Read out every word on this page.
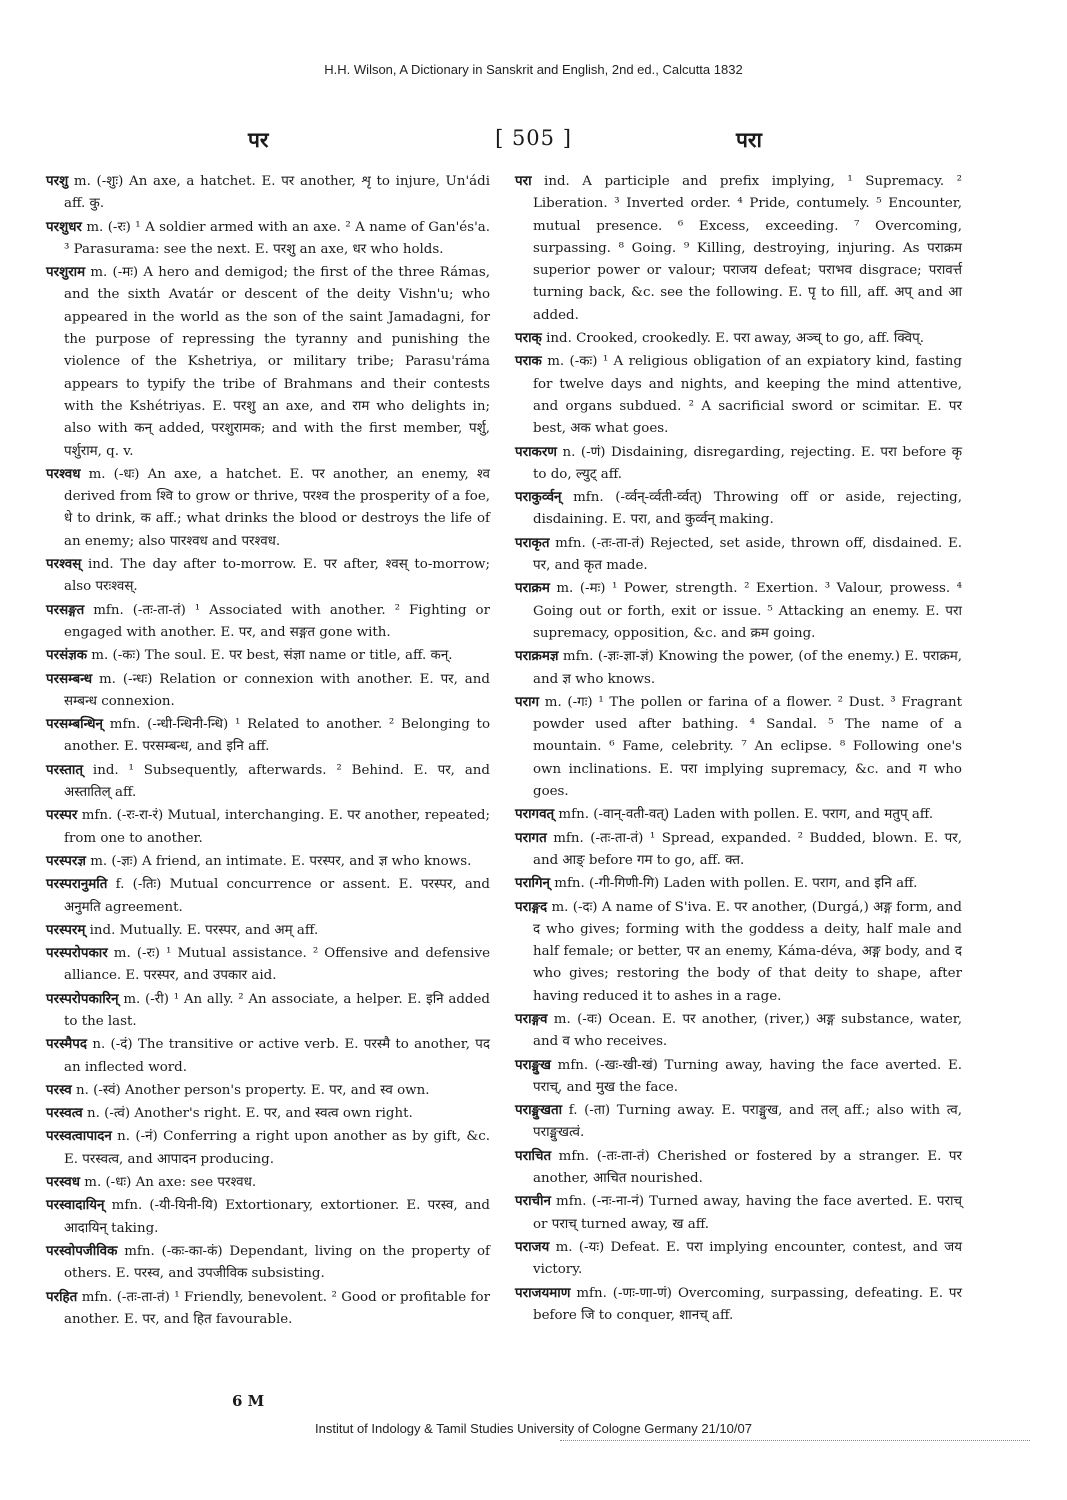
H.H. Wilson, A Dictionary in Sanskrit and English, 2nd ed., Calcutta 1832
पर	[ 505 ]	परा

परशु m. (-शुः) An axe, a hatchet. E. पर another, शृ to injure, Un'ádi aff. कु.

परशुधर m. (-रः) ¹ A soldier armed with an axe. ² A name of Gan'és'a. ³ Parasurama: see the next. E. परशु an axe, धर who holds.

परशुराम m. (-मः) A hero and demigod; the first of the three Rámas, and the sixth Avatár or descent of the deity Vishn'u; who appeared in the world as the son of the saint Jamadagni, for the purpose of repressing the tyranny and punishing the violence of the Kshetriya, or military tribe; Parasu'ráma appears to typify the tribe of Brahmans and their contests with the Kshétriyas. E. परशु an axe, and राम who delights in; also with कन् added, परशुरामक; and with the first member, पर्शु, पर्शुराम, q. v.

परश्वध m. (-धः) An axe, a hatchet. E. पर another, an enemy, श्व derived from श्वि to grow or thrive, परश्व the prosperity of a foe, धे to drink, क aff.; what drinks the blood or destroys the life of an enemy; also पारश्वध and परश्वध.

परश्वस् ind. The day after to-morrow. E. पर after, श्वस् to-morrow; also परःश्वस्.

परसङ्गत mfn. (-तः-ता-तं) ¹ Associated with another. ² Fighting or engaged with another. E. पर, and सङ्गत gone with.

परसंज्ञक m. (-कः) The soul. E. पर best, संज्ञा name or title, aff. कन्.

परसम्बन्ध m. (-न्धः) Relation or connexion with another. E. पर, and सम्बन्ध connexion.

परसम्बन्धिन् mfn. (-न्धी-न्धिनी-न्धि) ¹ Related to another. ² Belonging to another. E. परसम्बन्ध, and इनि aff.

परस्तात् ind. ¹ Subsequently, afterwards. ² Behind. E. पर, and अस्तातिल् aff.

परस्पर mfn. (-रः-रा-रं) Mutual, interchanging. E. पर another, repeated; from one to another.

परस्परज्ञ m. (-ज्ञः) A friend, an intimate. E. परस्पर, and ज्ञ who knows.

परस्परानुमति f. (-तिः) Mutual concurrence or assent. E. परस्पर, and अनुमति agreement.

परस्परम् ind. Mutually. E. परस्पर, and अम् aff.

परस्परोपकार m. (-रः) ¹ Mutual assistance. ² Offensive and defensive alliance. E. परस्पर, and उपकार aid.

परस्परोपकारिन् m. (-री) ¹ An ally. ² An associate, a helper. E. इनि added to the last.

परस्मैपद n. (-दं) The transitive or active verb. E. परस्मै to another, पद an inflected word.

परस्व n. (-स्वं) Another person's property. E. पर, and स्व own.

परस्वत्व n. (-त्वं) Another's right. E. पर, and स्वत्व own right.

परस्वत्वापादन n. (-नं) Conferring a right upon another as by gift, &c. E. परस्वत्व, and आपादन producing.

परस्वध m. (-धः) An axe: see परश्वध.

परस्वादायिन् mfn. (-यी-यिनी-यि) Extortionary, extortioner. E. परस्व, and आदायिन् taking.

परस्वोपजीविक mfn. (-कः-का-कं) Dependant, living on the property of others. E. परस्व, and उपजीविक subsisting.

परहित mfn. (-तः-ता-तं) ¹ Friendly, benevolent. ² Good or profitable for another. E. पर, and हित favourable.

परा ind. A participle and prefix implying, ¹ Supremacy. ² Liberation. ³ Inverted order. ⁴ Pride, contumely. ⁵ Encounter, mutual presence. ⁶ Excess, exceeding. ⁷ Overcoming, surpassing. ⁸ Going. ⁹ Killing, destroying, injuring. As पराक्रम superior power or valour; पराजय defeat; पराभव disgrace; परावर्त्त turning back, &c. see the following. E. पृ to fill, aff. अप् and आ added.

पराक् ind. Crooked, crookedly. E. परा away, अञ्च् to go, aff. क्विप्.

पराक m. (-कः) ¹ A religious obligation of an expiatory kind, fasting for twelve days and nights, and keeping the mind attentive, and organs subdued. ² A sacrificial sword or scimitar. E. पर best, अक what goes.

पराकरण n. (-णं) Disdaining, disregarding, rejecting. E. परा before कृ to do, ल्युट् aff.

पराकुर्व्वन् mfn. (-र्व्वन्-र्व्वती-र्व्वत्) Throwing off or aside, rejecting, disdaining. E. परा, and कुर्व्वन् making.

पराकृत mfn. (-तः-ता-तं) Rejected, set aside, thrown off, disdained. E. पर, and कृत made.

पराक्रम m. (-मः) ¹ Power, strength. ² Exertion. ³ Valour, prowess. ⁴ Going out or forth, exit or issue. ⁵ Attacking an enemy. E. परा supremacy, opposition, &c. and क्रम going.

पराक्रमज्ञ mfn. (-ज्ञः-ज्ञा-ज्ञं) Knowing the power, (of the enemy.) E. पराक्रम, and ज्ञ who knows.

पराग m. (-गः) ¹ The pollen or farina of a flower. ² Dust. ³ Fragrant powder used after bathing. ⁴ Sandal. ⁵ The name of a mountain. ⁶ Fame, celebrity. ⁷ An eclipse. ⁸ Following one's own inclinations. E. परा implying supremacy, &c. and ग who goes.

परागवत् mfn. (-वान्-वती-वत्) Laden with pollen. E. पराग, and मतुप् aff.

परागत mfn. (-तः-ता-तं) ¹ Spread, expanded. ² Budded, blown. E. पर, and आङ् before गम to go, aff. क्त.

परागिन् mfn. (-गी-गिणी-गि) Laden with pollen. E. पराग, and इनि aff.

पराङ्गद m. (-दः) A name of S'iva. E. पर another, (Durgá,) अङ्ग form, and द who gives; forming with the goddess a deity, half male and half female; or better, पर an enemy, Káma-déva, अङ्ग body, and द who gives; restoring the body of that deity to shape, after having reduced it to ashes in a rage.

पराङ्गव m. (-वः) Ocean. E. पर another, (river,) अङ्ग substance, water, and व who receives.

पराङ्मुख mfn. (-खः-खी-खं) Turning away, having the face averted. E. पराच्, and मुख the face.

पराङ्मुखता f. (-ता) Turning away. E. पराङ्मुख, and तल् aff.; also with त्व, पराङ्मुखत्वं.

पराचित mfn. (-तः-ता-तं) Cherished or fostered by a stranger. E. पर another, आचित nourished.

पराचीन mfn. (-नः-ना-नं) Turned away, having the face averted. E. पराच् or पराच् turned away, ख aff.

पराजय m. (-यः) Defeat. E. परा implying encounter, contest, and जय victory.

पराजयमाण mfn. (-णः-णा-णं) Overcoming, surpassing, defeating. E. पर before जि to conquer, शानच् aff.

6 M
Institut of Indology & Tamil Studies University of Cologne Germany 21/10/07
